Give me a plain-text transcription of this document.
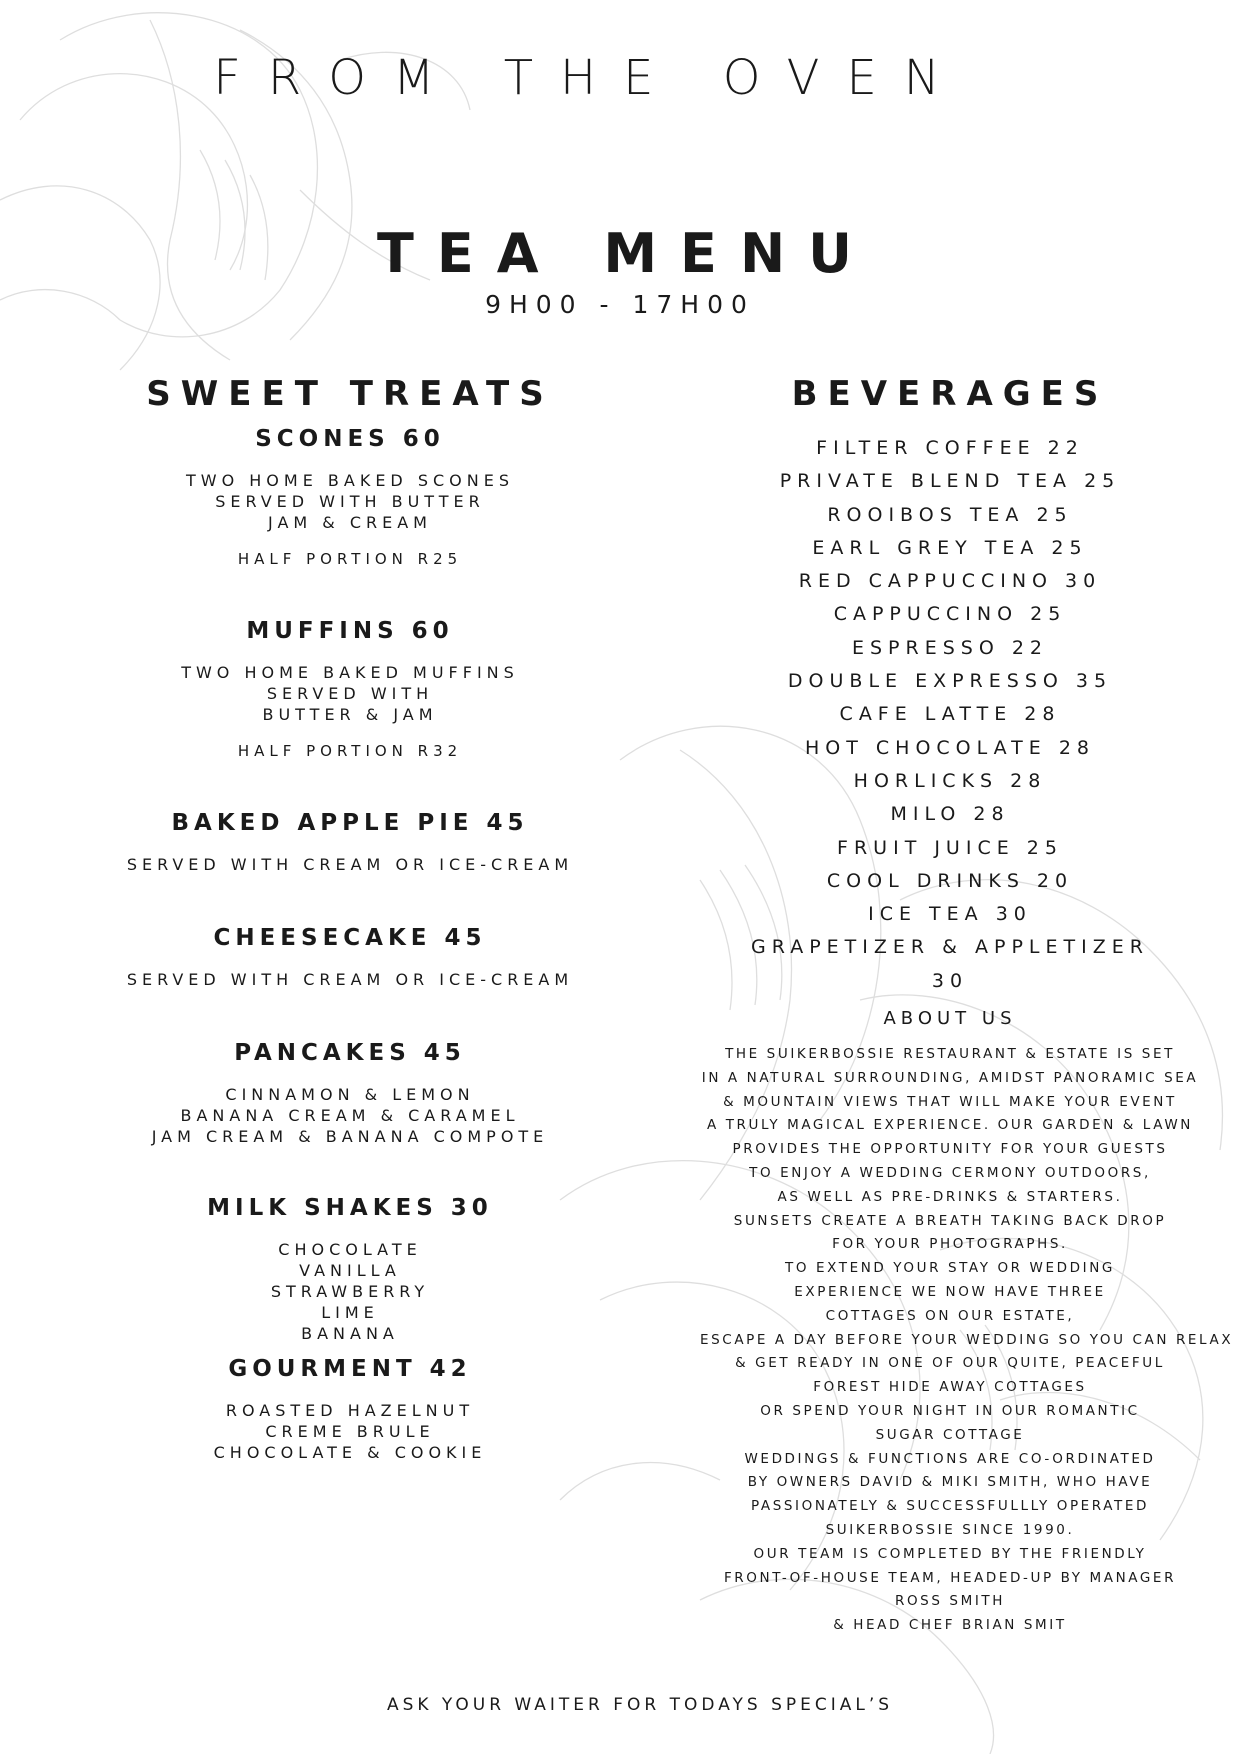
FROM THE OVEN
TEA MENU
9H00 - 17H00
SWEET TREATS
SCONES 60
TWO HOME BAKED SCONES
SERVED WITH BUTTER
JAM & CREAM
HALF PORTION R25
MUFFINS 60
TWO HOME BAKED MUFFINS
SERVED WITH
BUTTER & JAM
HALF PORTION R32
BAKED APPLE PIE 45
SERVED WITH CREAM OR ICE-CREAM
CHEESECAKE 45
SERVED WITH CREAM OR ICE-CREAM
PANCAKES 45
CINNAMON & LEMON
BANANA CREAM & CARAMEL
JAM CREAM & BANANA COMPOTE
MILK SHAKES 30
CHOCOLATE
VANILLA
STRAWBERRY
LIME
BANANA
GOURMENT 42
ROASTED HAZELNUT
CREME BRULE
CHOCOLATE & COOKIE
BEVERAGES
FILTER COFFEE 22
PRIVATE BLEND TEA 25
ROOIBOS TEA 25
EARL GREY TEA 25
RED CAPPUCCINO 30
CAPPUCCINO 25
ESPRESSO 22
DOUBLE EXPRESSO 35
CAFE LATTE 28
HOT CHOCOLATE 28
HORLICKS 28
MILO 28
FRUIT JUICE 25
COOL DRINKS 20
ICE TEA 30
GRAPETIZER & APPLETIZER
30
ABOUT US
THE SUIKERBOSSIE RESTAURANT & ESTATE IS SET
IN A NATURAL SURROUNDING, AMIDST PANORAMIC SEA
& MOUNTAIN VIEWS THAT WILL MAKE YOUR EVENT
A TRULY MAGICAL EXPERIENCE. OUR GARDEN & LAWN
PROVIDES THE OPPORTUNITY FOR YOUR GUESTS
TO ENJOY A WEDDING CERMONY OUTDOORS,
AS WELL AS PRE-DRINKS & STARTERS.
SUNSETS CREATE A BREATH TAKING BACK DROP
FOR YOUR PHOTOGRAPHS.
TO EXTEND YOUR STAY OR WEDDING
EXPERIENCE WE NOW HAVE THREE
COTTAGES ON OUR ESTATE,
ESCAPE A DAY BEFORE YOUR WEDDING SO YOU CAN RELAX
& GET READY IN ONE OF OUR QUITE, PEACEFUL
FOREST HIDE AWAY COTTAGES
OR SPEND YOUR NIGHT IN OUR ROMANTIC
SUGAR COTTAGE
WEDDINGS & FUNCTIONS ARE CO-ORDINATED
BY OWNERS DAVID & MIKI SMITH, WHO HAVE
PASSIONATELY & SUCCESSFULLLY OPERATED
SUIKERBOSSIE SINCE 1990.
OUR TEAM IS COMPLETED BY THE FRIENDLY
FRONT-OF-HOUSE TEAM, HEADED-UP BY MANAGER
ROSS SMITH
& HEAD CHEF BRIAN SMIT
ASK YOUR WAITER FOR TODAYS SPECIAL’S
